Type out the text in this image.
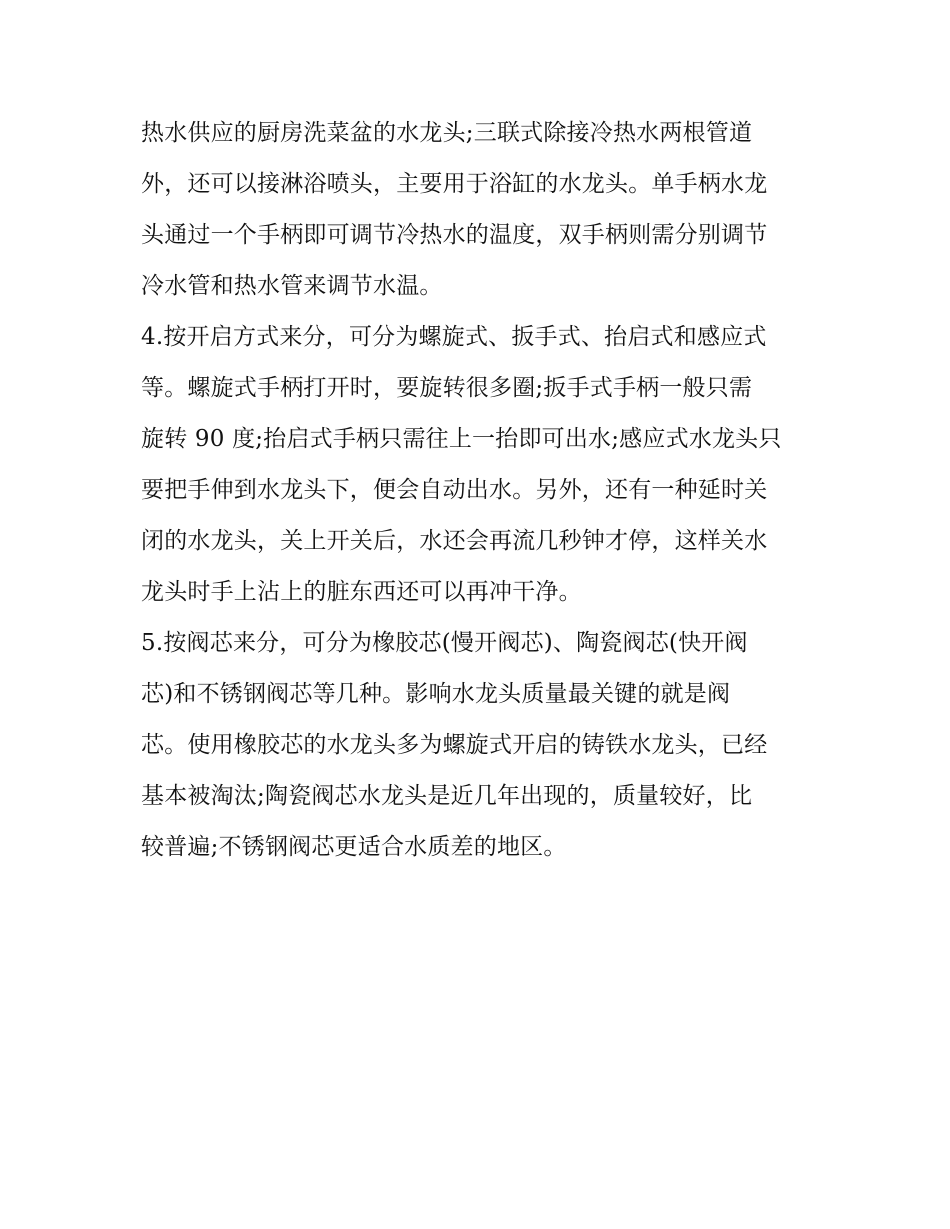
热水供应的厨房洗菜盆的水龙头;三联式除接冷热水两根管道
外，还可以接淋浴喷头，主要用于浴缸的水龙头。单手柄水龙
头通过一个手柄即可调节冷热水的温度，双手柄则需分别调节
冷水管和热水管来调节水温。
4.按开启方式来分，可分为螺旋式、扳手式、抬启式和感应式
等。螺旋式手柄打开时，要旋转很多圈;扳手式手柄一般只需
旋转 90 度;抬启式手柄只需往上一抬即可出水;感应式水龙头只
要把手伸到水龙头下，便会自动出水。另外，还有一种延时关
闭的水龙头，关上开关后，水还会再流几秒钟才停，这样关水
龙头时手上沾上的脏东西还可以再冲干净。
5.按阀芯来分，可分为橡胶芯(慢开阀芯)、陶瓷阀芯(快开阀
芯)和不锈钢阀芯等几种。影响水龙头质量最关键的就是阀
芯。使用橡胶芯的水龙头多为螺旋式开启的铸铁水龙头，已经
基本被淘汰;陶瓷阀芯水龙头是近几年出现的，质量较好，比
较普遍;不锈钢阀芯更适合水质差的地区。
